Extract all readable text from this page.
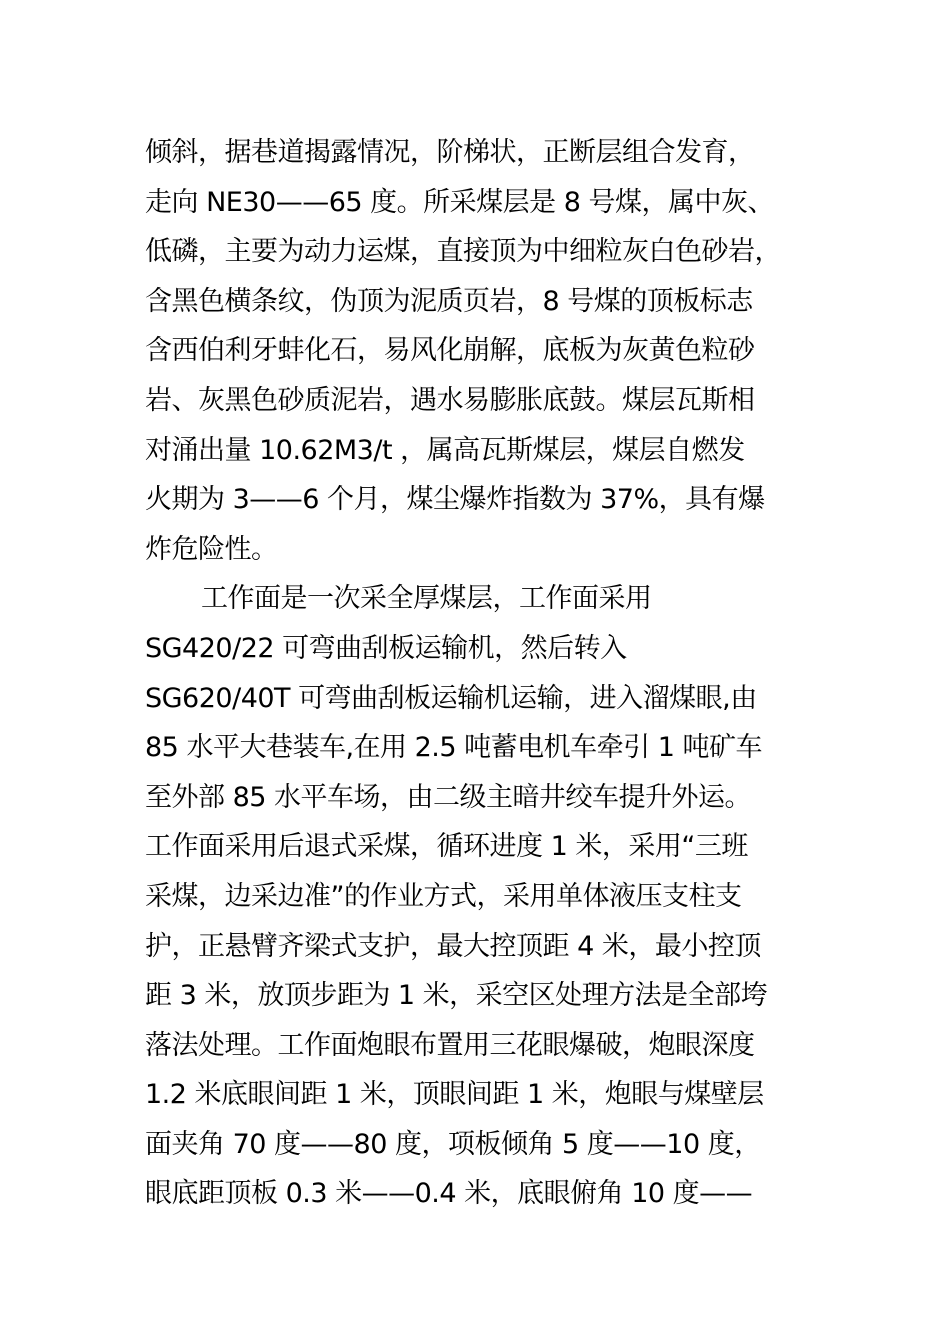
倾斜，据巷道揭露情况，阶梯状，正断层组合发育，
走向 NE30——65 度。所采煤层是 8 号煤，属中灰、
低磷，主要为动力运煤，直接顶为中细粒灰白色砂岩，
含黑色横条纹，伪顶为泥质页岩，8 号煤的顶板标志
含西伯利牙蚌化石，易风化崩解，底板为灰黄色粒砂
岩、灰黑色砂质泥岩，遇水易膨胀底鼓。煤层瓦斯相
对涌出量 10.62M3/t ，属高瓦斯煤层，煤层自燃发
火期为 3——6 个月，煤尘爆炸指数为 37%，具有爆
炸危险性。
工作面是一次采全厚煤层，工作面采用
SG420/22 可弯曲刮板运输机，然后转入
SG620/40T 可弯曲刮板运输机运输，进入溜煤眼,由
85 水平大巷装车,在用 2.5 吨蓄电机车牵引 1 吨矿车
至外部 85 水平车场，由二级主暗井绞车提升外运。
工作面采用后退式采煤，循环进度 1 米，采用“三班
采煤，边采边准”的作业方式，采用单体液压支柱支
护，正悬臂齐梁式支护，最大控顶距 4 米，最小控顶
距 3 米，放顶步距为 1 米，采空区处理方法是全部垮
落法处理。工作面炮眼布置用三花眼爆破，炮眼深度
1.2 米底眼间距 1 米，顶眼间距 1 米，炮眼与煤壁层
面夹角 70 度——80 度，项板倾角 5 度——10 度，
眼底距顶板 0.3 米——0.4 米，底眼俯角 10 度——
